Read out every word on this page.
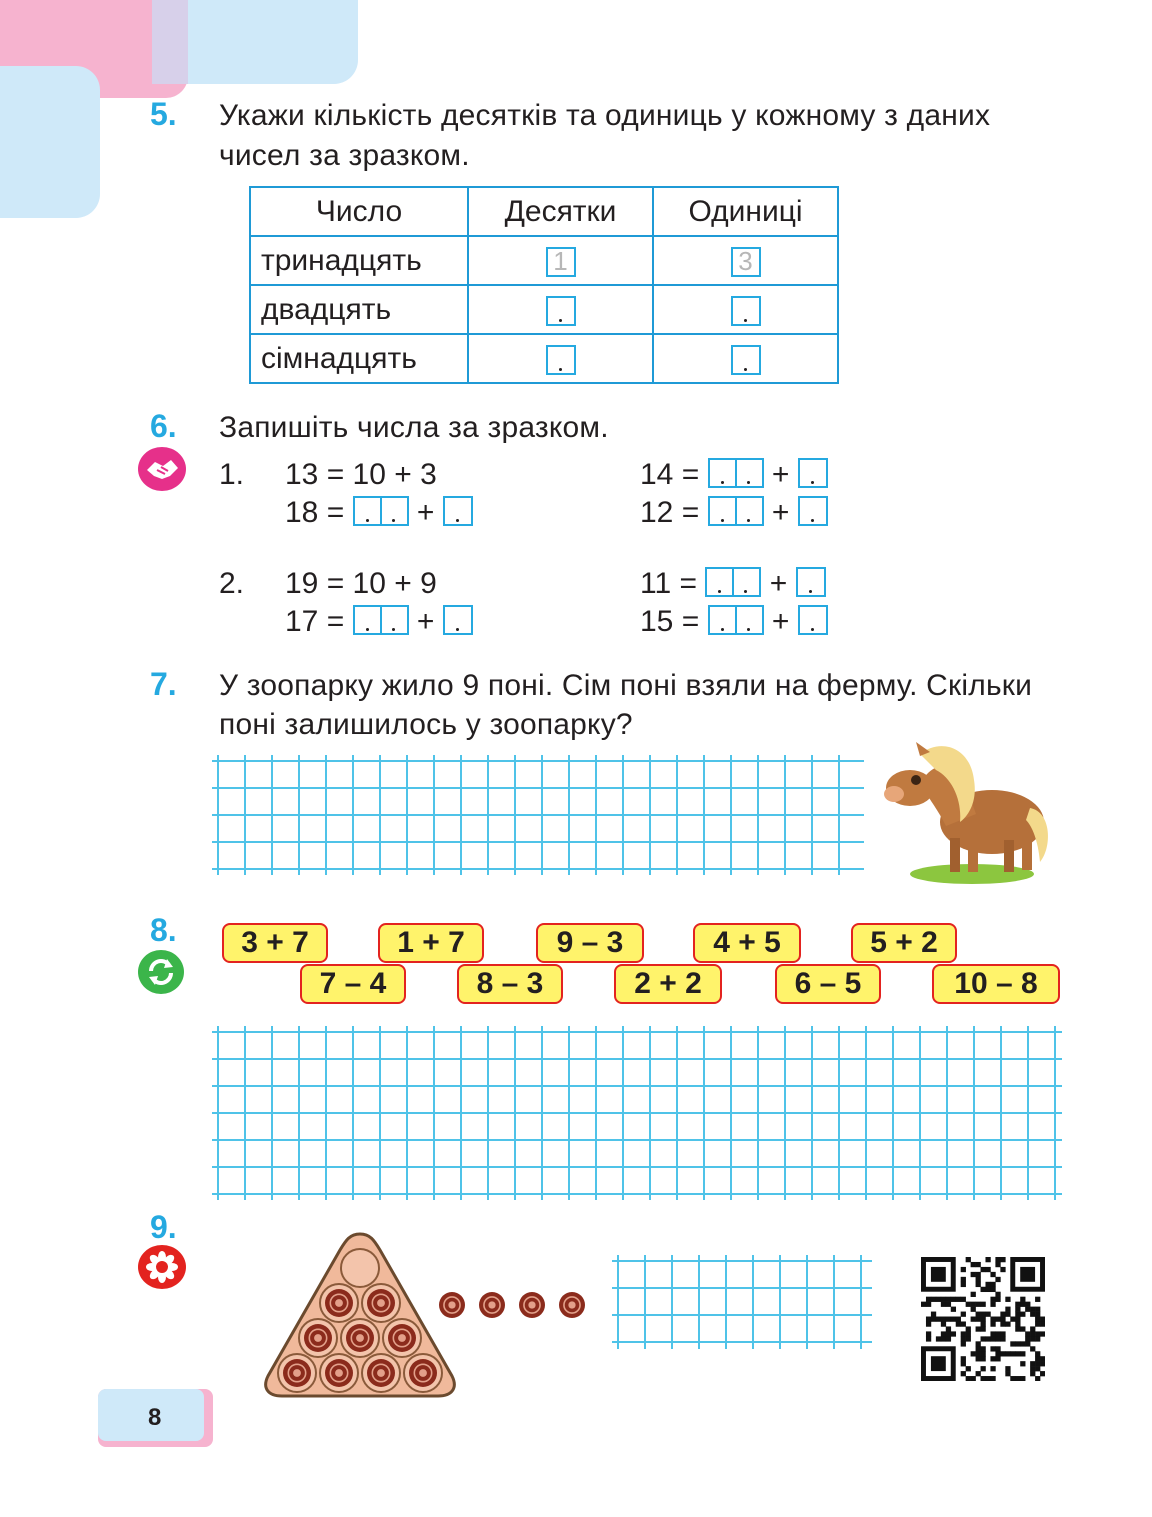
5. Укажи кількість десятків та одиниць у кожному з даних
чисел за зразком.
Число	Десятки	Одиниці
тринадцять	1	3

двадцять	

сімнадцять	

6. Запишіть числа за зразком.
1. 13 = 10 + 3
18 = +
14 = +
12 = +
2. 19 = 10 + 9
17 = +
11 = +
15 = +
7. У зоопарку жило 9 поні. Сім поні взяли на ферму. Скільки
поні залишилось у зоопарку?
8.	3 + 7	1 + 7	9 – 3	4 + 5	5 + 2
7 – 4	8 – 3	2 + 2	6 – 5	10 – 8
9.
8
